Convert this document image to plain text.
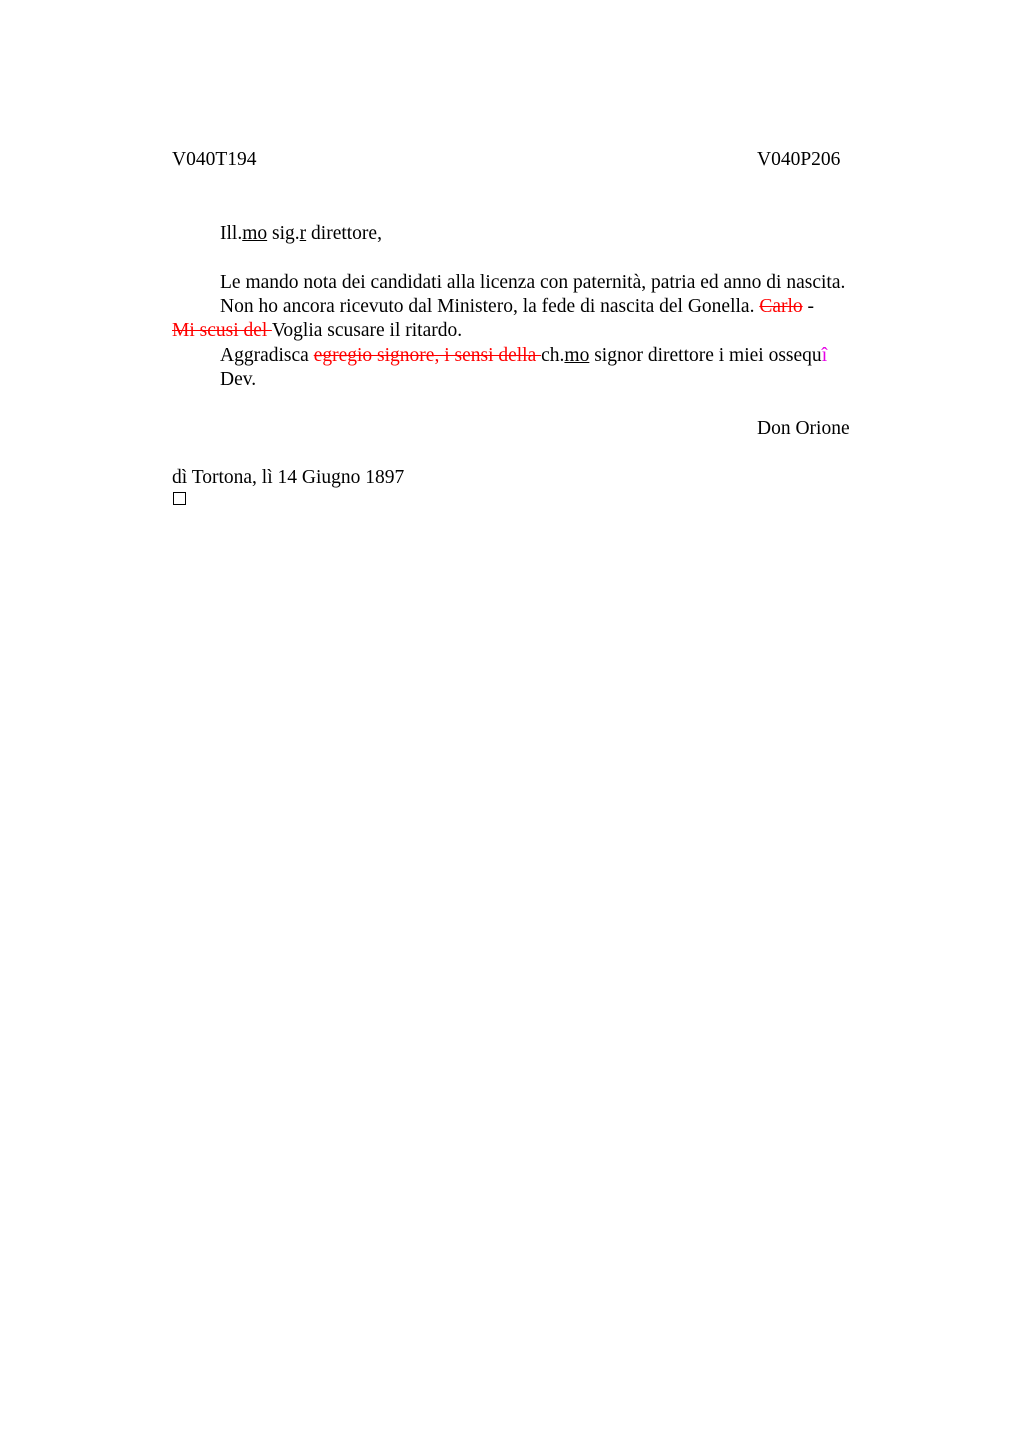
V040T194	V040P206
Ill.mo sig.r direttore,
Le mando nota dei candidati alla licenza con paternità, patria ed anno di nascita.
Non ho ancora ricevuto dal Ministero, la fede di nascita del Gonella. Carlo -
Mi scusi del Voglia scusare il ritardo.
Aggradisca egregio signore, i sensi della ch.mo signor direttore i miei ossequî
Dev.
Don Orione
dì Tortona, lì 14 Giugno 1897
